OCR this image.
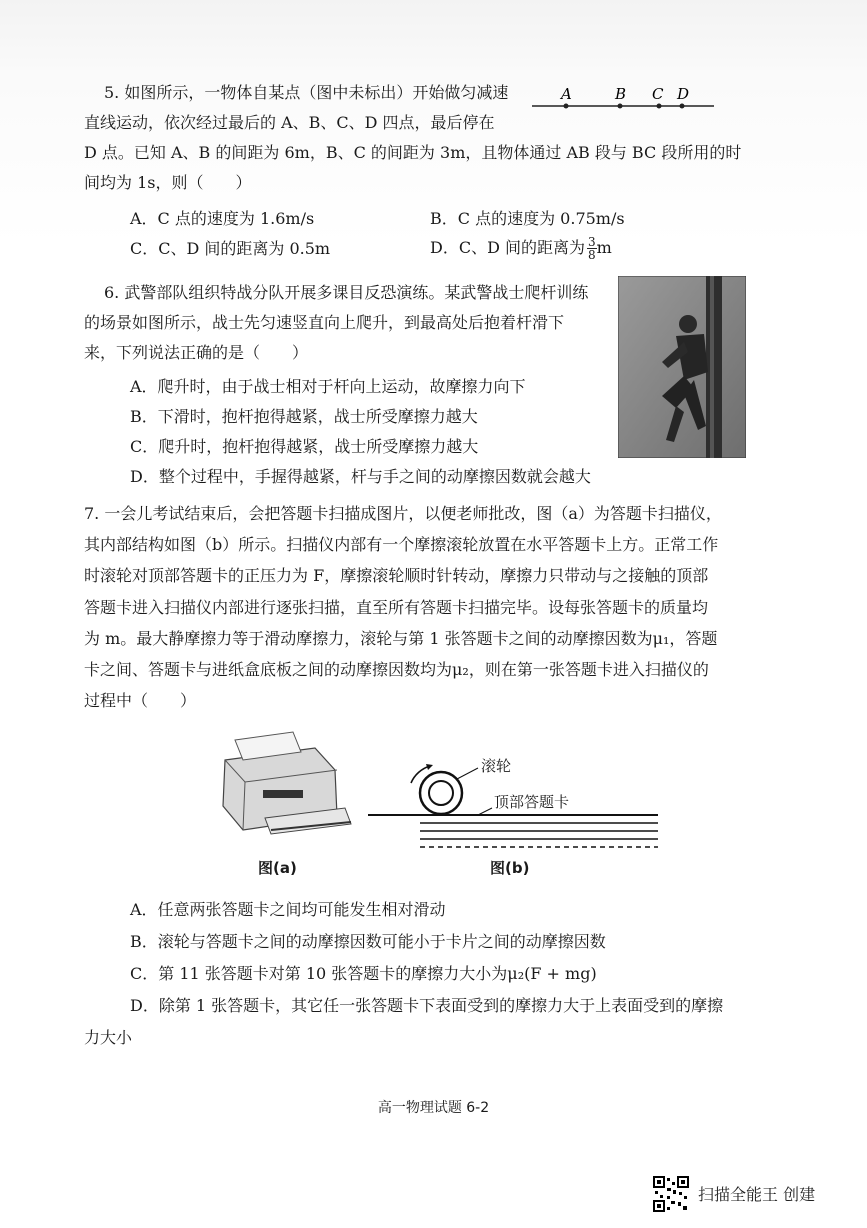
5. 如图所示，一物体自某点（图中未标出）开始做匀减速
直线运动，依次经过最后的 A、B、C、D 四点，最后停在
D 点。已知 A、B 的间距为 6m，B、C 的间距为 3m，且物体通过 AB 段与 BC 段所用的时
间均为 1s，则（　　）
A	B C D
A．C 点的速度为 1.6m/s	B．C 点的速度为 0.75m/s
C．C、D 间的距离为 0.5m	D．C、D 间的距离为 $\frac{3}{8}$ m
6. 武警部队组织特战分队开展多课目反恐演练。某武警战士爬杆训练
的场景如图所示，战士先匀速竖直向上爬升，到最高处后抱着杆滑下
来，下列说法正确的是（　　）
A．爬升时，由于战士相对于杆向上运动，故摩擦力向下
B．下滑时，抱杆抱得越紧，战士所受摩擦力越大
C．爬升时，抱杆抱得越紧，战士所受摩擦力越大
D．整个过程中，手握得越紧，杆与手之间的动摩擦因数就会越大

7. 一会儿考试结束后，会把答题卡扫描成图片，以便老师批改，图（a）为答题卡扫描仪，

其内部结构如图（b）所示。扫描仪内部有一个摩擦滚轮放置在水平答题卡上方。正常工作

时滚轮对顶部答题卡的正压力为 F，摩擦滚轮顺时针转动，摩擦力只带动与之接触的顶部

答题卡进入扫描仪内部进行逐张扫描，直至所有答题卡扫描完毕。设每张答题卡的质量均

为 m。最大静摩擦力等于滑动摩擦力，滚轮与第 1 张答题卡之间的动摩擦因数为μ₁，答题

卡之间、答题卡与进纸盒底板之间的动摩擦因数均为μ₂，则在第一张答题卡进入扫描仪的

过程中（　　）

图(a)
滚轮
顶部答题卡
图(b)
A．任意两张答题卡之间均可能发生相对滑动
B．滚轮与答题卡之间的动摩擦因数可能小于卡片之间的动摩擦因数
C．第 11 张答题卡对第 10 张答题卡的摩擦力大小为μ₂(F + mg)
D．除第 1 张答题卡，其它任一张答题卡下表面受到的摩擦力大于上表面受到的摩擦
力大小
高一物理试题 6-2
扫描全能王 创建
